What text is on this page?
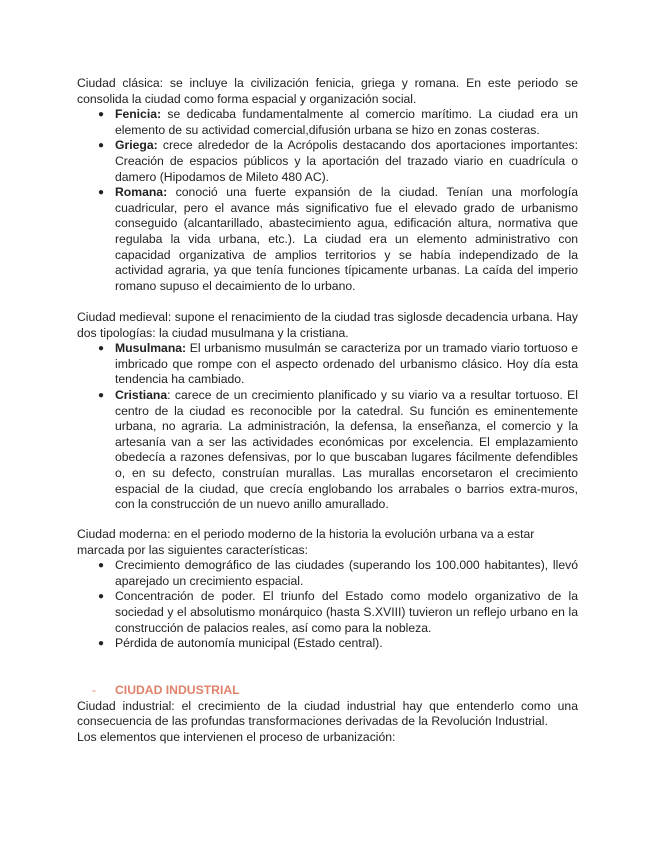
Ciudad clásica: se incluye la civilización fenicia, griega y romana. En este periodo se consolida la ciudad como forma espacial y organización social.

● Fenicia: se dedicaba fundamentalmente al comercio marítimo. La ciudad era un elemento de su actividad comercial,difusión urbana se hizo en zonas costeras.
● Griega: crece alrededor de la Acrópolis destacando dos aportaciones importantes: Creación de espacios públicos y la aportación del trazado viario en cuadrícula o damero (Hipodamos de Mileto 480 AC).
● Romana: conoció una fuerte expansión de la ciudad. Tenían una morfología cuadricular, pero el avance más significativo fue el elevado grado de urbanismo conseguido (alcantarillado, abastecimiento agua, edificación altura, normativa que regulaba la vida urbana, etc.). La ciudad era un elemento administrativo con capacidad organizativa de amplios territorios y se había independizado de la actividad agraria, ya que tenía funciones típicamente urbanas. La caída del imperio romano supuso el decaimiento de lo urbano.

Ciudad medieval: supone el renacimiento de la ciudad tras siglosde decadencia urbana. Hay dos tipologías: la ciudad musulmana y la cristiana.

● Musulmana: El urbanismo musulmán se caracteriza por un tramado viario tortuoso e imbricado que rompe con el aspecto ordenado del urbanismo clásico. Hoy día esta tendencia ha cambiado.
● Cristiana: carece de un crecimiento planificado y su viario va a resultar tortuoso. El centro de la ciudad es reconocible por la catedral. Su función es eminentemente urbana, no agraria. La administración, la defensa, la enseñanza, el comercio y la artesanía van a ser las actividades económicas por excelencia. El emplazamiento obedecía a razones defensivas, por lo que buscaban lugares fácilmente defendibles o, en su defecto, construían murallas. Las murallas encorsetaron el crecimiento espacial de la ciudad, que crecía englobando los arrabales o barrios extra-muros, con la construcción de un nuevo anillo amurallado.

Ciudad moderna: en el periodo moderno de la historia la evolución urbana va a estar marcada por las siguientes características:

● Crecimiento demográfico de las ciudades (superando los 100.000 habitantes), llevó aparejado un crecimiento espacial.
● Concentración de poder. El triunfo del Estado como modelo organizativo de la sociedad y el absolutismo monárquico (hasta S.XVIII) tuvieron un reflejo urbano en la construcción de palacios reales, así como para la nobleza.
● Pérdida de autonomía municipal (Estado central).
- CIUDAD INDUSTRIAL

Ciudad industrial: el crecimiento de la ciudad industrial hay que entenderlo como una consecuencia de las profundas transformaciones derivadas de la Revolución Industrial.

Los elementos que intervienen el proceso de urbanización:
